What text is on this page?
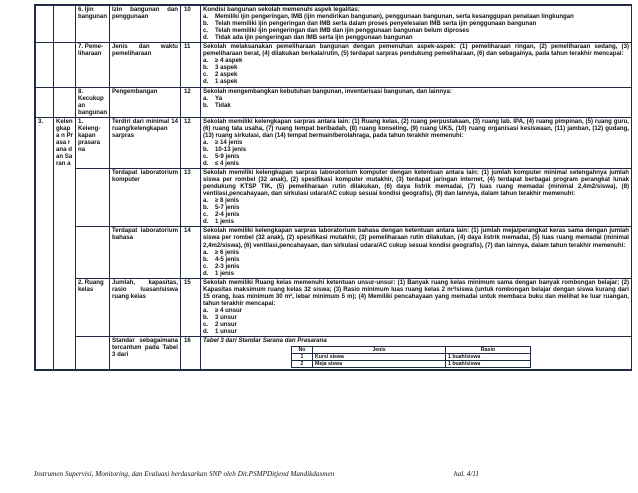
		6. Ijin bangunan	Izin bangunan dan penggunaan	10	Kondisi bangunan sekolah memenuhi aspek legalitas:
a.	Memiliki ijin pengeringan, IMB (ijin mendirikan bangunan), penggunaan bangunan, serta kesanggupan penataan lingkungan
b.	Telah memiliki ijin pengeringan dan IMB serta dalam proses penyelesaian IMB serta ijin penggunaan bangunan
c.	Telah memiliki ijin pengeringan dan IMB dan ijin penggunaan bangunan belum diproses
d.	Tidak ada ijin pengeringan dan IMB serta ijin penggunaan bangunan

		7. Peme- liharaan	Jenis dan waktu pemeliharaan	11	Sekolah melaksanakan pemeliharaan bangunan dengan pemenuhan aspek-aspek: (1) pemeliharaan ringan, (2) pemeliharaan sedang, (3) pemeliharaan berat, (4) dilakukan berkala/rutin, (5) terdapat sarpras pendukung pemeliharaan, (6) dan sebagainya, pada tahun terakhir mencapai:
a.	≥ 4 aspek
b.	3 aspek
c.	2 aspek
d.	1 aspek

		8. Kecukup an bangunan	Pengembangan	12	Sekolah mengembangkan kebutuhan bangunan, inventarisasi bangunan, dan lainnya:
a.	Ya
b.	Tidak

3.	Kelen gkapa n Prasa rana dan Saran a	1. Keleng- kapan prasara na	Terdiri dari minimal 14 ruang/kelengkapan sarpras	12	Sekolah memiliki kelengkapan sarpras antara lain: (1) Ruang kelas, (2) ruang perpustakaan, (3) ruang lab. IPA, (4) ruang pimpinan, (5) ruang guru, (6) ruang tata usaha, (7) ruang tempat beribadah, (8) ruang konseling, (9) ruang UKS, (10) ruang organisasi kesiswaan, (11) jamban, (12) gudang, (13) ruang sirkulasi, dan (14) tempat bermain/berolahraga, pada tahun terakhir memenuhi:
a.	≥ 14 jenis
b.	10-13 jenis
c.	5-9 jenis
d.	≤ 4 jenis

	Terdapat laboratorium komputer	13	Sekolah memiliki kelengkapan sarpras laboratorium komputer dengan ketentuan antara lain: (1) jumlah komputer minimal setengahnya jumlah siswa per rombel (32 anak), (2) spesifikasi komputer mutakhir, (3) terdapat jaringan internet, (4) terdapat berbagai program perangkat lunak pendukung KTSP TIK, (5) pemeliharaan rutin dilakukan, (6) daya listrik memadai, (7) luas ruang memadai (minimal 2,4m2/siswa), (8) ventilasi,pencahayaan, dan sirkulasi udara/AC cukup sesuai kondisi geografis), (9) dan lainnya, dalam tahun terakhir memenuhi:
a.	≥ 8 jenis
b.	5-7 jenis
c.	2-4 jenis
d.	1 jenis

	Terdapat laboratorium bahasa	14	Sekolah memiliki kelengkapan sarpras laboratorium bahasa dengan ketentuan antara lain: (1) jumlah meja/perangkat keras sama dengan jumlah siswa per rombel (32 anak), (2) spesifikasi mutakhir, (3) pemeliharaan rutin dilakukan, (4) daya listrik memadai, (5) luas ruang memadai (minimal 2,4m2/siswa), (6) ventilasi,pencahayaan, dan sirkulasi udara/AC cukup sesuai kondisi geografis), (7) dan lainnya, dalam tahun terakhir memenuhi:
a.	≥ 6 jenis
b.	4-5 jenis
c.	2-3 jenis
d.	1 jenis

2. Ruang kelas	Jumlah, kapasitas, rasio luasan/siswa ruang kelas	15	Sekolah memiliki Ruang kelas memenuhi ketentuan unsur-unsur: (1) Banyak ruang kelas minimum sama dengan banyak rombongan belajar; (2) Kapasitas maksimum ruang kelas 32 siswa; (3) Rasio minimum luas ruang kelas 2 m²/siswa (untuk rombongan belajar dengan siswa kurang dari 15 orang, luas minimum 30 m², lebar minimum 5 m); (4) Memiliki pencahayaan yang memadai untuk membaca buku dan melihat ke luar ruangan, tahun terakhir mencapai:
a.	≥ 4 unsur
b.	3 unsur
c.	2 unsur
d.	1 unsur

	Standar sebagaimana tercantum pada Tabel 3 dari	16	Tabel 3 dari Standar Sarana dan Prasarana
No	Jenis	Rasio
1	Kursi siswa	1 buah/siswa
2	Meja siswa	1 buah/siswa
Instrumen Supervisi, Monitoring, dan Evaluasi berdasarkan SNP oleh Dit.PSMPDitjend Mandikdasmen	hal. 4/11
